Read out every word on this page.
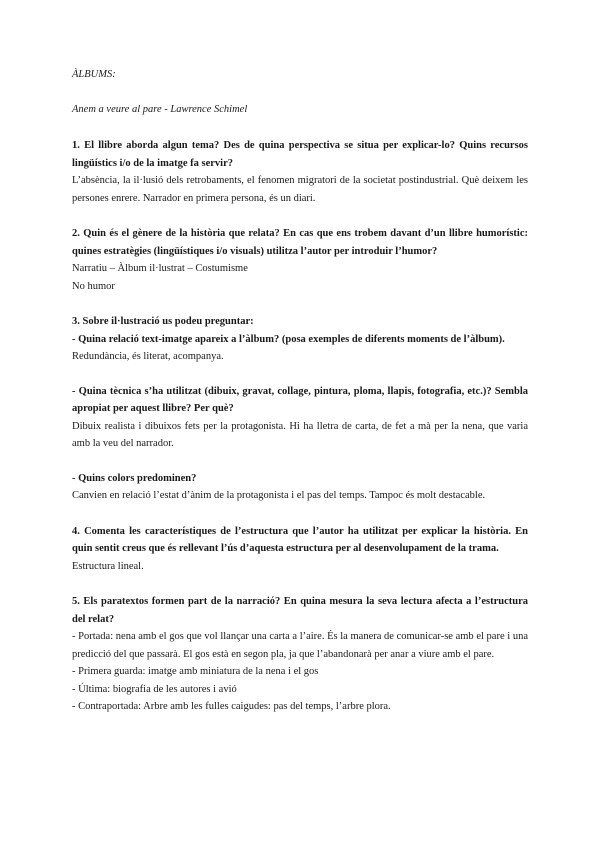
ÀLBUMS:

Anem a veure al pare - Lawrence Schimel

1. El llibre aborda algun tema? Des de quina perspectiva se situa per explicar-lo? Quins recursos lingüístics i/o de la imatge fa servir?

L’absència, la il·lusió dels retrobaments, el fenomen migratori de la societat postindustrial. Què deixem les persones enrere. Narrador en primera persona, és un diari.

2. Quin és el gènere de la història que relata? En cas que ens trobem davant d’un llibre humorístic: quines estratègies (lingüístiques i/o visuals) utilitza l’autor per introduir l’humor?

Narratiu – Àlbum il·lustrat – Costumisme

No humor

3. Sobre il·lustració us podeu preguntar:

- Quina relació text-imatge apareix a l’àlbum? (posa exemples de diferents moments de l’àlbum).

Redundància, és literat, acompanya.

- Quina tècnica s’ha utilitzat (dibuix, gravat, collage, pintura, ploma, llapis, fotografia, etc.)? Sembla apropiat per aquest llibre? Per què?

Dibuix realista i dibuixos fets per la protagonista. Hi ha lletra de carta, de fet a mà per la nena, que varia amb la veu del narrador.

- Quins colors predominen?

Canvien en relació l’estat d’ànim de la protagonista i el pas del temps. Tampoc és molt destacable.

4. Comenta les característiques de l’estructura que l’autor ha utilitzat per explicar la història. En quin sentit creus que és rellevant l’ús d’aquesta estructura per al desenvolupament de la trama.

Estructura lineal.

5. Els paratextos formen part de la narració? En quina mesura la seva lectura afecta a l’estructura del relat?

- Portada: nena amb el gos que vol llançar una carta a l’aire. És la manera de comunicar-se amb el pare i una predicció del que passarà. El gos està en segon pla, ja que l’abandonarà per anar a viure amb el pare.

- Primera guarda: imatge amb miniatura de la nena i el gos

- Última: biografia de les autores i avió

- Contraportada: Arbre amb les fulles caigudes: pas del temps, l’arbre plora.
